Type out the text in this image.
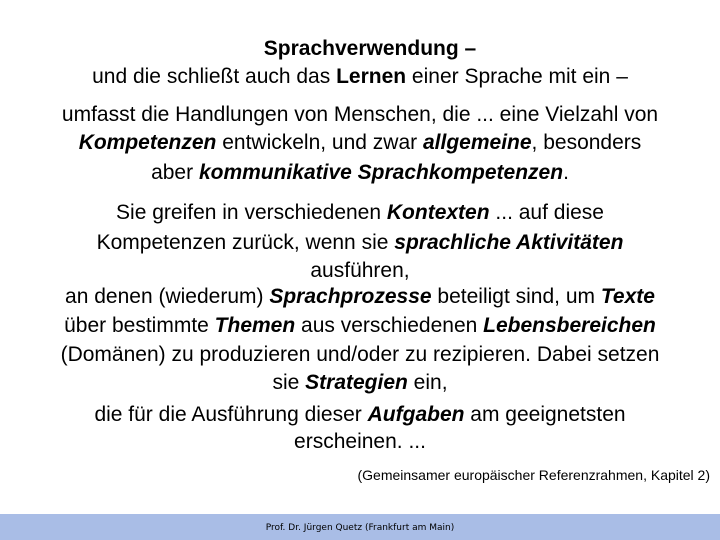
Sprachverwendung –
und die schließt auch das Lernen einer Sprache mit ein –
umfasst die Handlungen von Menschen, die ... eine Vielzahl von
Kompetenzen entwickeln, und zwar allgemeine, besonders
aber kommunikative Sprachkompetenzen.
Sie greifen in verschiedenen Kontexten ... auf diese
Kompetenzen zurück, wenn sie sprachliche Aktivitäten
ausführen,
an denen (wiederum) Sprachprozesse beteiligt sind, um Texte
über bestimmte Themen aus verschiedenen Lebensbereichen
(Domänen) zu produzieren und/oder zu rezipieren. Dabei setzen
sie Strategien ein,
die für die Ausführung dieser Aufgaben am geeignetsten
erscheinen. ...
(Gemeinsamer europäischer Referenzrahmen, Kapitel 2)
Prof. Dr. Jürgen Quetz (Frankfurt am Main)
